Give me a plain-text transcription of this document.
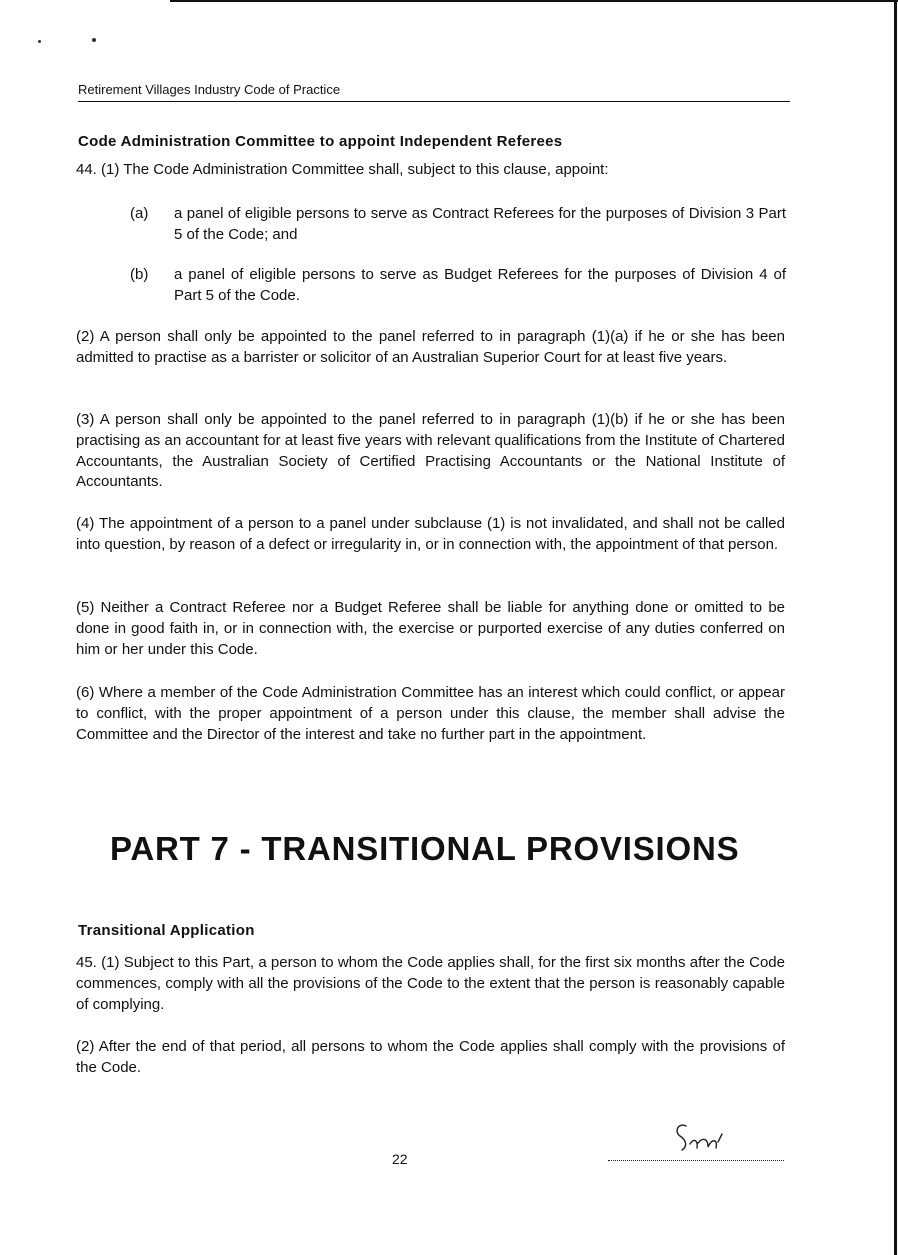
Retirement Villages Industry Code of Practice
Code Administration Committee to appoint Independent Referees

44. (1) The Code Administration Committee shall, subject to this clause, appoint:

(a) a panel of eligible persons to serve as Contract Referees for the purposes of Division 3 Part 5 of the Code; and
(b) a panel of eligible persons to serve as Budget Referees for the purposes of Division 4 of Part 5 of the Code.

(2) A person shall only be appointed to the panel referred to in paragraph (1)(a) if he or she has been admitted to practise as a barrister or solicitor of an Australian Superior Court for at least five years.

(3) A person shall only be appointed to the panel referred to in paragraph (1)(b) if he or she has been practising as an accountant for at least five years with relevant qualifications from the Institute of Chartered Accountants, the Australian Society of Certified Practising Accountants or the National Institute of Accountants.

(4) The appointment of a person to a panel under subclause (1) is not invalidated, and shall not be called into question, by reason of a defect or irregularity in, or in connection with, the appointment of that person.

(5) Neither a Contract Referee nor a Budget Referee shall be liable for anything done or omitted to be done in good faith in, or in connection with, the exercise or purported exercise of any duties conferred on him or her under this Code.

(6) Where a member of the Code Administration Committee has an interest which could conflict, or appear to conflict, with the proper appointment of a person under this clause, the member shall advise the Committee and the Director of the interest and take no further part in the appointment.

PART 7 - TRANSITIONAL PROVISIONS
Transitional Application

45. (1) Subject to this Part, a person to whom the Code applies shall, for the first six months after the Code commences, comply with all the provisions of the Code to the extent that the person is reasonably capable of complying.

(2) After the end of that period, all persons to whom the Code applies shall comply with the provisions of the Code.

22
